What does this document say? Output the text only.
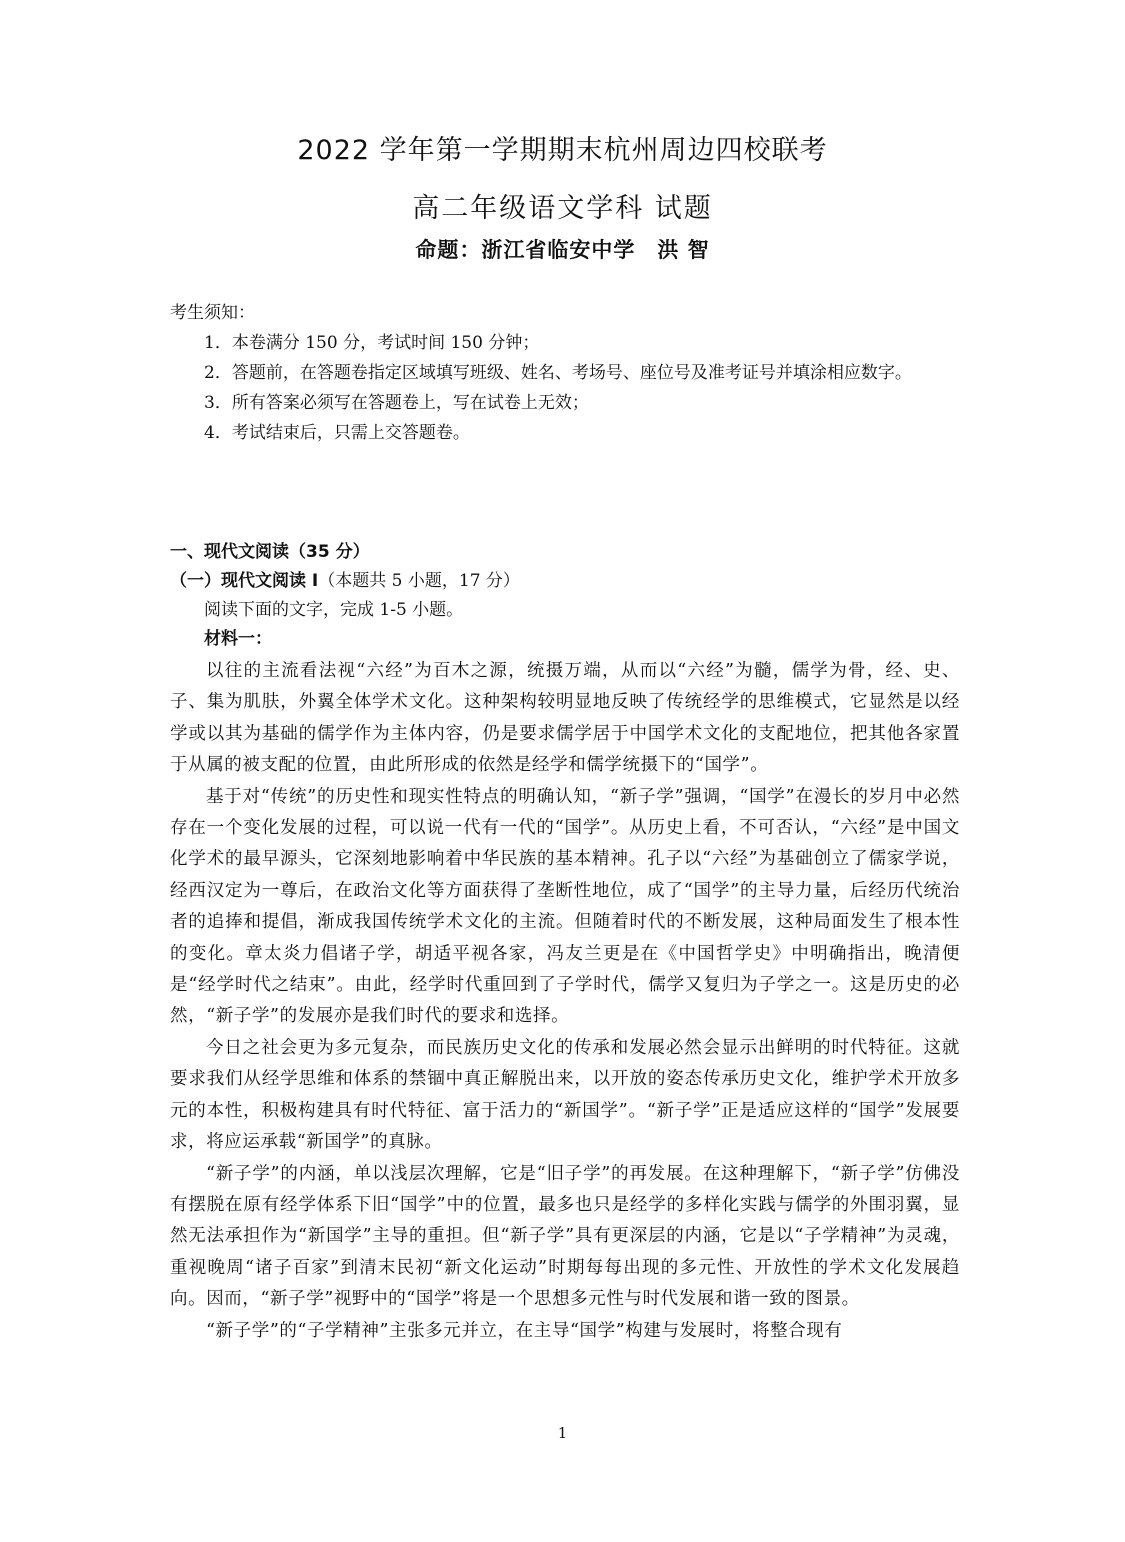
2022 学年第一学期期末杭州周边四校联考
高二年级语文学科 试题
命题：浙江省临安中学　洪 智

考生须知：

1．本卷满分 150 分，考试时间 150 分钟；

2．答题前，在答题卷指定区域填写班级、姓名、考场号、座位号及准考证号并填涂相应数字。

3．所有答案必须写在答题卷上，写在试卷上无效；

4．考试结束后，只需上交答题卷。

一、现代文阅读（35 分）

（一）现代文阅读 I（本题共 5 小题，17 分）

阅读下面的文字，完成 1-5 小题。

材料一：

以往的主流看法视“六经”为百木之源，统摄万端，从而以“六经”为髓，儒学为骨，经、史、子、集为肌肤，外翼全体学术文化。这种架构较明显地反映了传统经学的思维模式，它显然是以经学或以其为基础的儒学作为主体内容，仍是要求儒学居于中国学术文化的支配地位，把其他各家置于从属的被支配的位置，由此所形成的依然是经学和儒学统摄下的“国学”。

基于对“传统”的历史性和现实性特点的明确认知，“新子学”强调，“国学”在漫长的岁月中必然存在一个变化发展的过程，可以说一代有一代的“国学”。从历史上看，不可否认，“六经”是中国文化学术的最早源头，它深刻地影响着中华民族的基本精神。孔子以“六经”为基础创立了儒家学说，经西汉定为一尊后，在政治文化等方面获得了垄断性地位，成了“国学”的主导力量，后经历代统治者的追捧和提倡，渐成我国传统学术文化的主流。但随着时代的不断发展，这种局面发生了根本性的变化。章太炎力倡诸子学，胡适平视各家，冯友兰更是在《中国哲学史》中明确指出，晚清便是“经学时代之结束”。由此，经学时代重回到了子学时代，儒学又复归为子学之一。这是历史的必然，“新子学”的发展亦是我们时代的要求和选择。

今日之社会更为多元复杂，而民族历史文化的传承和发展必然会显示出鲜明的时代特征。这就要求我们从经学思维和体系的禁锢中真正解脱出来，以开放的姿态传承历史文化，维护学术开放多元的本性，积极构建具有时代特征、富于活力的“新国学”。“新子学”正是适应这样的“国学”发展要求，将应运承载“新国学”的真脉。

“新子学”的内涵，单以浅层次理解，它是“旧子学”的再发展。在这种理解下，“新子学”仿佛没有摆脱在原有经学体系下旧“国学”中的位置，最多也只是经学的多样化实践与儒学的外围羽翼，显然无法承担作为“新国学”主导的重担。但“新子学”具有更深层的内涵，它是以“子学精神”为灵魂，重视晚周“诸子百家”到清末民初“新文化运动”时期每每出现的多元性、开放性的学术文化发展趋向。因而，“新子学”视野中的“国学”将是一个思想多元性与时代发展和谐一致的图景。

“新子学”的“子学精神”主张多元并立，在主导“国学”构建与发展时，将整合现有

1
